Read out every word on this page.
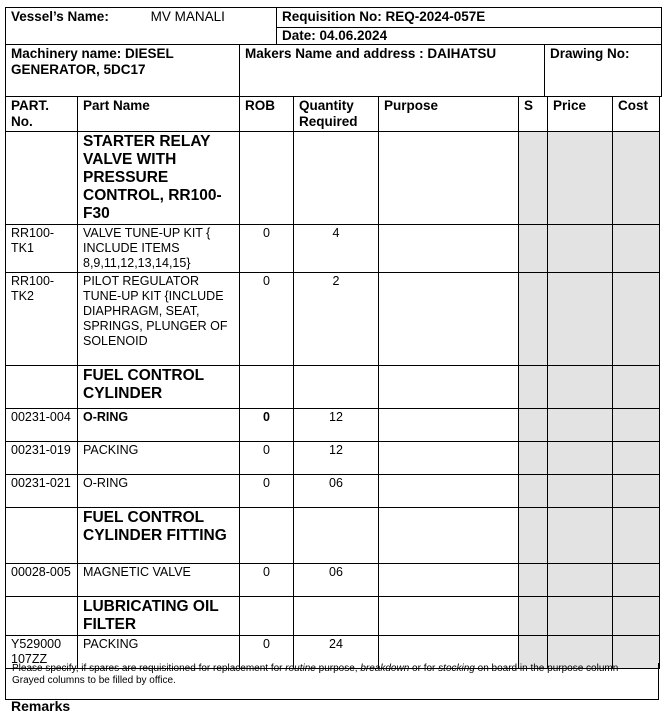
Vessel’s Name:	MV MANALI	Requisition No: REQ-2024-057E
Date: 04.06.2024
Machinery name: DIESEL GENERATOR, 5DC17	Makers Name and address : DAIHATSU	Drawing No:
PART. No.	Part Name	ROB	Quantity Required	Purpose	S	Price	Cost
	STARTER RELAY VALVE WITH PRESSURE CONTROL, RR100-F30						
RR100-TK1	VALVE TUNE-UP KIT { INCLUDE ITEMS 8,9,11,12,13,14,15}	0	4				
RR100-TK2	PILOT REGULATOR TUNE-UP KIT {INCLUDE DIAPHRAGM, SEAT, SPRINGS, PLUNGER OF SOLENOID	0	2				
	FUEL CONTROL CYLINDER						
00231-004	O-RING	0	12				
00231-019	PACKING	0	12				
00231-021	O-RING	0	06				
	FUEL CONTROL CYLINDER FITTING						
00028-005	MAGNETIC VALVE	0	06				
	LUBRICATING OIL FILTER						
Y529000 107ZZ	PACKING	0	24				
Please specify, if spares are requisitioned for replacement for routine purpose, breakdown or for stocking on board in the purpose column
Grayed columns to be filled by office.
Remarks
